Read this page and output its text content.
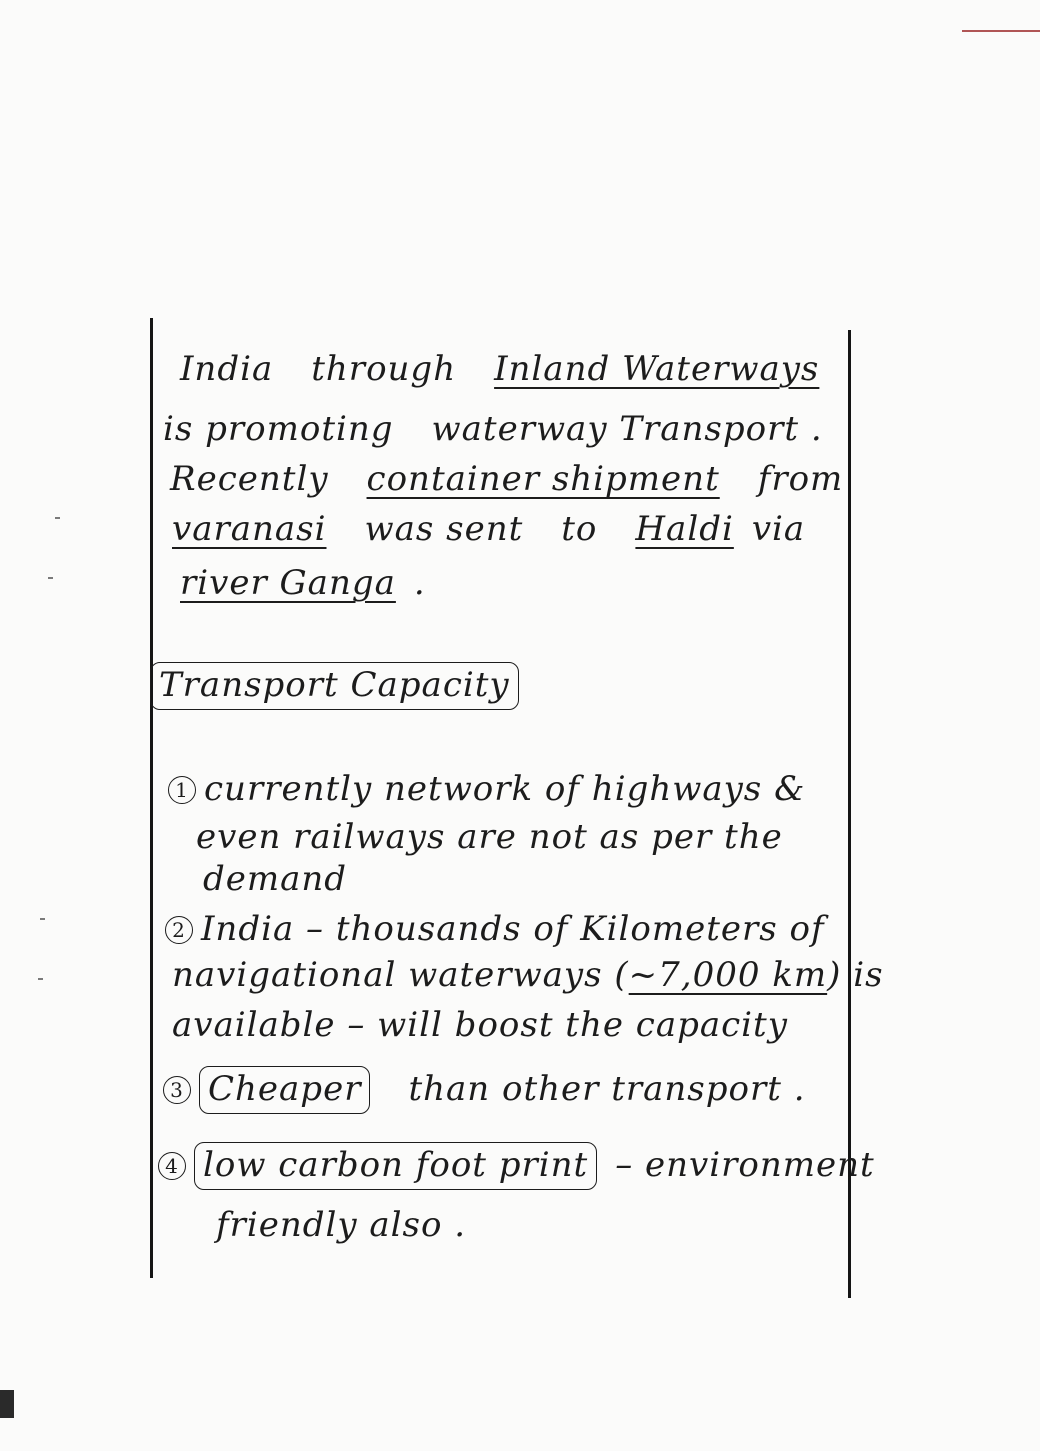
India through Inland Waterways
is promoting waterway Transport .
Recently container shipment from
varanasi was sent to Haldi via
river Ganga .
Transport Capacity
1 currently network of highways &
even railways are not as per the
demand
2 India – thousands of Kilometers of
navigational waterways (~7,000 km) is
available – will boost the capacity
3 Cheaper than other transport .
4 low carbon foot print – environment
friendly also .
